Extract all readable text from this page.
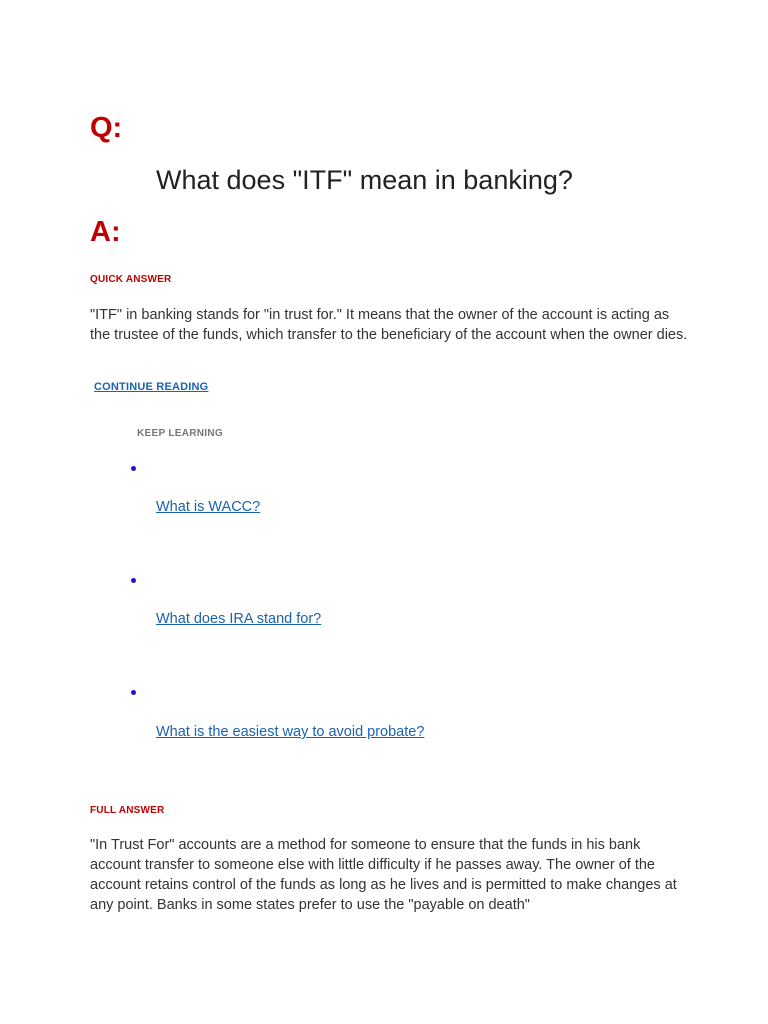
Q:
What does "ITF" mean in banking?
A:
QUICK ANSWER
"ITF" in banking stands for "in trust for." It means that the owner of the account is acting as the trustee of the funds, which transfer to the beneficiary of the account when the owner dies.
CONTINUE READING
KEEP LEARNING
What is WACC?
What does IRA stand for?
What is the easiest way to avoid probate?
FULL ANSWER
"In Trust For" accounts are a method for someone to ensure that the funds in his bank account transfer to someone else with little difficulty if he passes away. The owner of the account retains control of the funds as long as he lives and is permitted to make changes at any point. Banks in some states prefer to use the "payable on death"
